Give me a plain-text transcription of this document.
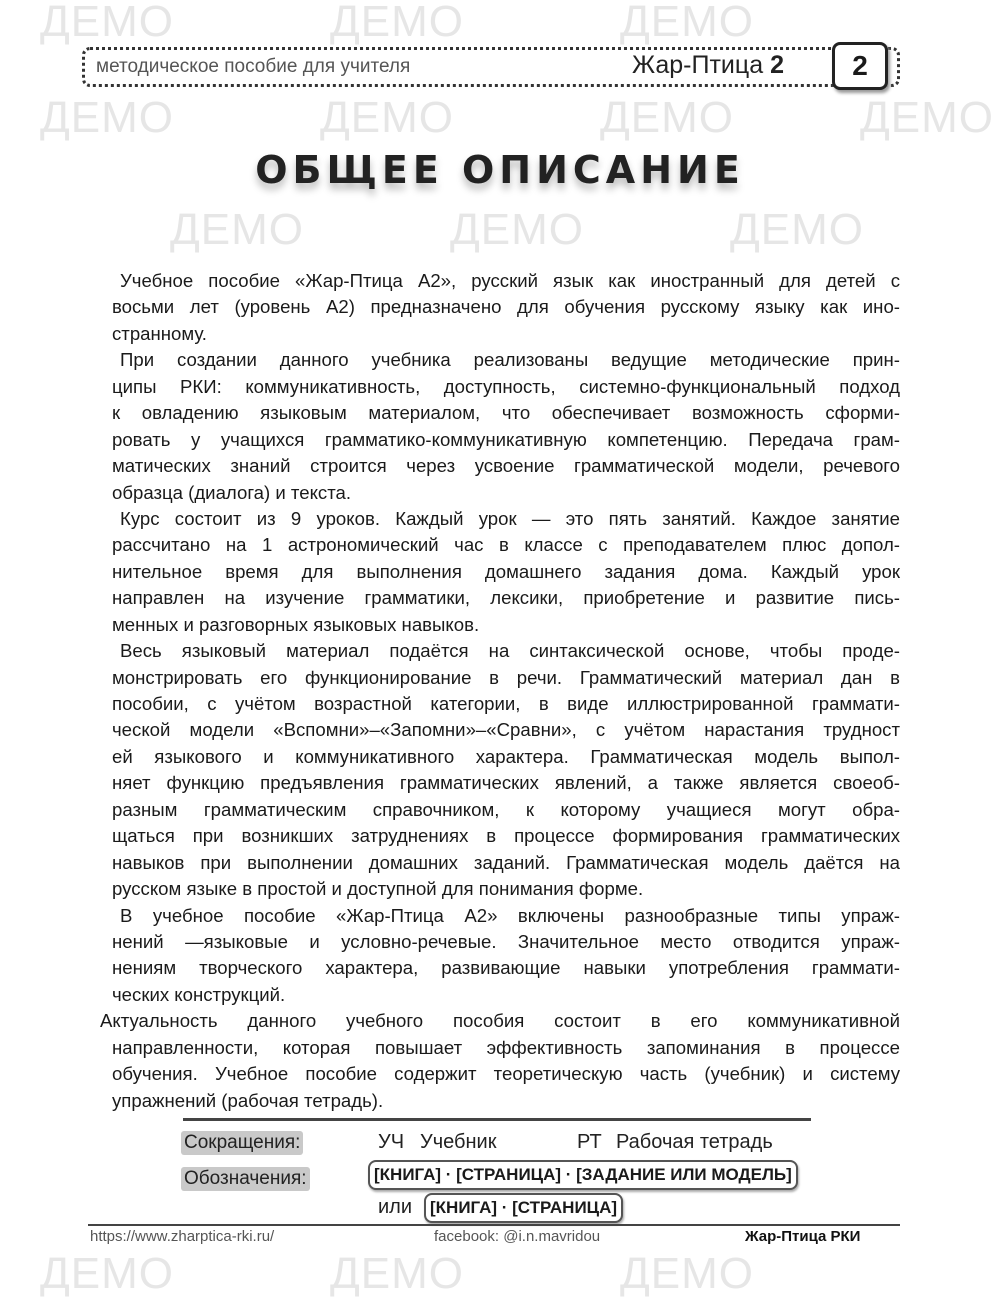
ДЕМО	ДЕМО	ДЕМО
ДЕМО	ДЕМО	ДЕМО	ДЕМО
ДЕМО	ДЕМО	ДЕМО
ДЕМО	ДЕМО	ДЕМО
методическое пособие для учителя	Жар-Птица 2	2
ОБЩЕЕ ОПИСАНИЕ
Учебное пособие «Жар-Птица А2», русский язык как иностранный для детей с
восьми лет (уровень А2) предназначено для обучения русскому языку как ино-
странному.
При создании данного учебника реализованы ведущие методические прин-
ципы РКИ: коммуникативность, доступность, системно-функциональный подход
к овладению языковым материалом, что обеспечивает возможность сформи-
ровать у учащихся грамматико-коммуникативную компетенцию. Передача грам-
матических знаний строится через усвоение грамматической модели, речевого
образца (диалога) и текста.
Курс состоит из 9 уроков. Каждый урок — это пять занятий. Каждое занятие
рассчитано на 1 астрономический час в классе с преподавателем плюс допол-
нительное время для выполнения домашнего задания дома. Каждый урок
направлен на изучение грамматики, лексики, приобретение и развитие пись-
менных и разговорных языковых навыков.
Весь языковый материал подаётся на синтаксической основе, чтобы проде-
монстрировать его функционирование в речи. Грамматический материал дан в
пособии, с учётом возрастной категории, в виде иллюстрированной граммати-
ческой модели «Вспомни»–«Запомни»–«Сравни», с учётом нарастания трудност
ей языкового и коммуникативного характера. Грамматическая модель выпол-
няет функцию предъявления грамматических явлений, а также является своеоб-
разным грамматическим справочником, к которому учащиеся могут обра-
щаться при возникших затруднениях в процессе формирования грамматических
навыков при выполнении домашних заданий. Грамматическая модель даётся на
русском языке в простой и доступной для понимания форме.
В учебное пособие «Жар-Птица А2» включены разнообразные типы упраж-
нений —языковые и условно-речевые. Значительное место отводится упраж-
нениям творческого характера, развивающие навыки употребления граммати-
ческих конструкций.
Актуальность данного учебного пособия состоит в его коммуникативной
направленности, которая повышает эффективность запоминания в процессе
обучения. Учебное пособие содержит теоретическую часть (учебник) и систему
упражнений (рабочая тетрадь).
Сокращения:	УЧ Учебник	РТ Рабочая тетрадь
Обозначения:	[КНИГА] · [СТРАНИЦА] · [ЗАДАНИЕ ИЛИ МОДЕЛЬ]
или	[КНИГА] · [СТРАНИЦА]
https://www.zharptica-rki.ru/	facebook: @i.n.mavridou	Жар-Птица РКИ
